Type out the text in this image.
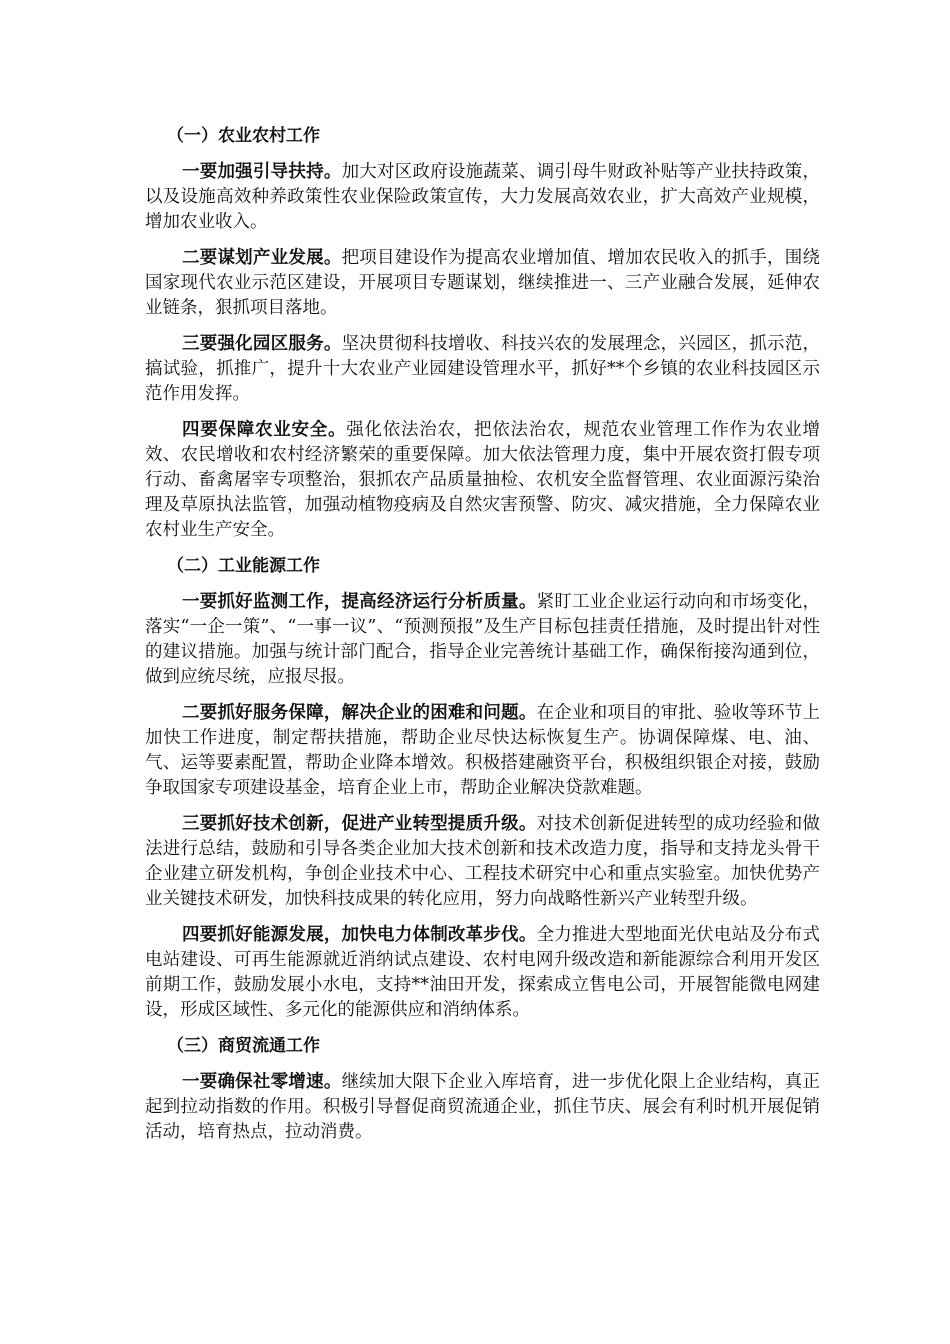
（一）农业农村工作

一要加强引导扶持。加大对区政府设施蔬菜、调引母牛财政补贴等产业扶持政策，以及设施高效种养政策性农业保险政策宣传，大力发展高效农业，扩大高效产业规模，增加农业收入。

二要谋划产业发展。把项目建设作为提高农业增加值、增加农民收入的抓手，围绕国家现代农业示范区建设，开展项目专题谋划，继续推进一、三产业融合发展，延伸农业链条，狠抓项目落地。

三要强化园区服务。坚决贯彻科技增收、科技兴农的发展理念，兴园区，抓示范，搞试验，抓推广，提升十大农业产业园建设管理水平，抓好**个乡镇的农业科技园区示范作用发挥。

四要保障农业安全。强化依法治农，把依法治农，规范农业管理工作作为农业增效、农民增收和农村经济繁荣的重要保障。加大依法管理力度，集中开展农资打假专项行动、畜禽屠宰专项整治，狠抓农产品质量抽检、农机安全监督管理、农业面源污染治理及草原执法监管，加强动植物疫病及自然灾害预警、防灾、减灾措施，全力保障农业农村业生产安全。

（二）工业能源工作

一要抓好监测工作，提高经济运行分析质量。紧盯工业企业运行动向和市场变化，落实“一企一策”、“一事一议”、“预测预报”及生产目标包挂责任措施，及时提出针对性的建议措施。加强与统计部门配合，指导企业完善统计基础工作，确保衔接沟通到位，做到应统尽统，应报尽报。

二要抓好服务保障，解决企业的困难和问题。在企业和项目的审批、验收等环节上加快工作进度，制定帮扶措施，帮助企业尽快达标恢复生产。协调保障煤、电、油、气、运等要素配置，帮助企业降本增效。积极搭建融资平台，积极组织银企对接，鼓励争取国家专项建设基金，培育企业上市，帮助企业解决贷款难题。

三要抓好技术创新，促进产业转型提质升级。对技术创新促进转型的成功经验和做法进行总结，鼓励和引导各类企业加大技术创新和技术改造力度，指导和支持龙头骨干企业建立研发机构，争创企业技术中心、工程技术研究中心和重点实验室。加快优势产业关键技术研发，加快科技成果的转化应用，努力向战略性新兴产业转型升级。

四要抓好能源发展，加快电力体制改革步伐。全力推进大型地面光伏电站及分布式电站建设、可再生能源就近消纳试点建设、农村电网升级改造和新能源综合利用开发区前期工作，鼓励发展小水电，支持**油田开发，探索成立售电公司，开展智能微电网建设，形成区域性、多元化的能源供应和消纳体系。

（三）商贸流通工作

一要确保社零增速。继续加大限下企业入库培育，进一步优化限上企业结构，真正起到拉动指数的作用。积极引导督促商贸流通企业，抓住节庆、展会有利时机开展促销活动，培育热点，拉动消费。
